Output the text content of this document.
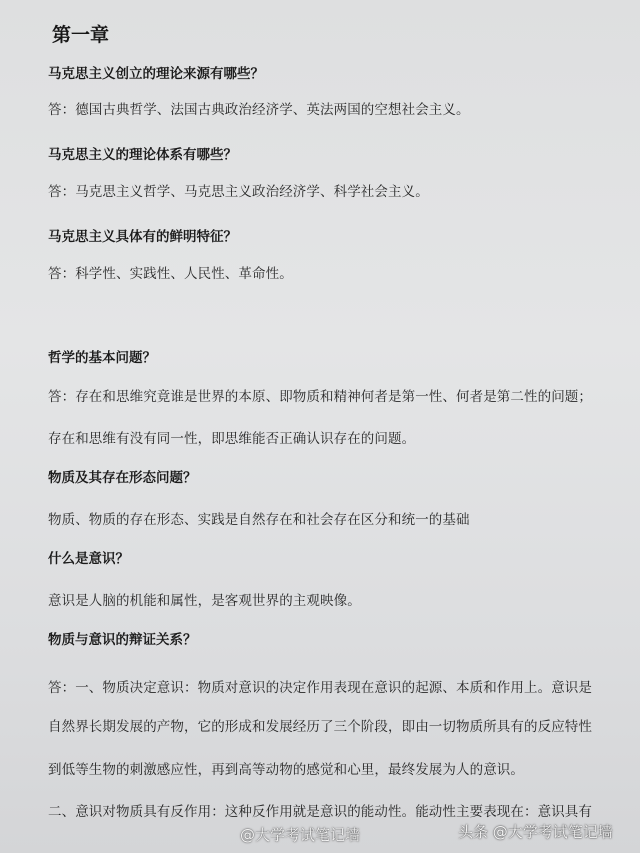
第一章
马克思主义创立的理论来源有哪些？
答：德国古典哲学、法国古典政治经济学、英法两国的空想社会主义。
马克思主义的理论体系有哪些？
答：马克思主义哲学、马克思主义政治经济学、科学社会主义。
马克思主义具体有的鲜明特征？
答：科学性、实践性、人民性、革命性。
哲学的基本问题？
答：存在和思维究竟谁是世界的本原、即物质和精神何者是第一性、何者是第二性的问题；
存在和思维有没有同一性，即思维能否正确认识存在的问题。
物质及其存在形态问题？
物质、物质的存在形态、实践是自然存在和社会存在区分和统一的基础
什么是意识？
意识是人脑的机能和属性，是客观世界的主观映像。
物质与意识的辩证关系？
答：一、物质决定意识：物质对意识的决定作用表现在意识的起源、本质和作用上。意识是
自然界长期发展的产物，它的形成和发展经历了三个阶段，即由一切物质所具有的反应特性
到低等生物的刺激感应性，再到高等动物的感觉和心里，最终发展为人的意识。
二、意识对物质具有反作用：这种反作用就是意识的能动性。能动性主要表现在：意识具有
@大学考试笔记墙	头条 @大学考试笔记墙
